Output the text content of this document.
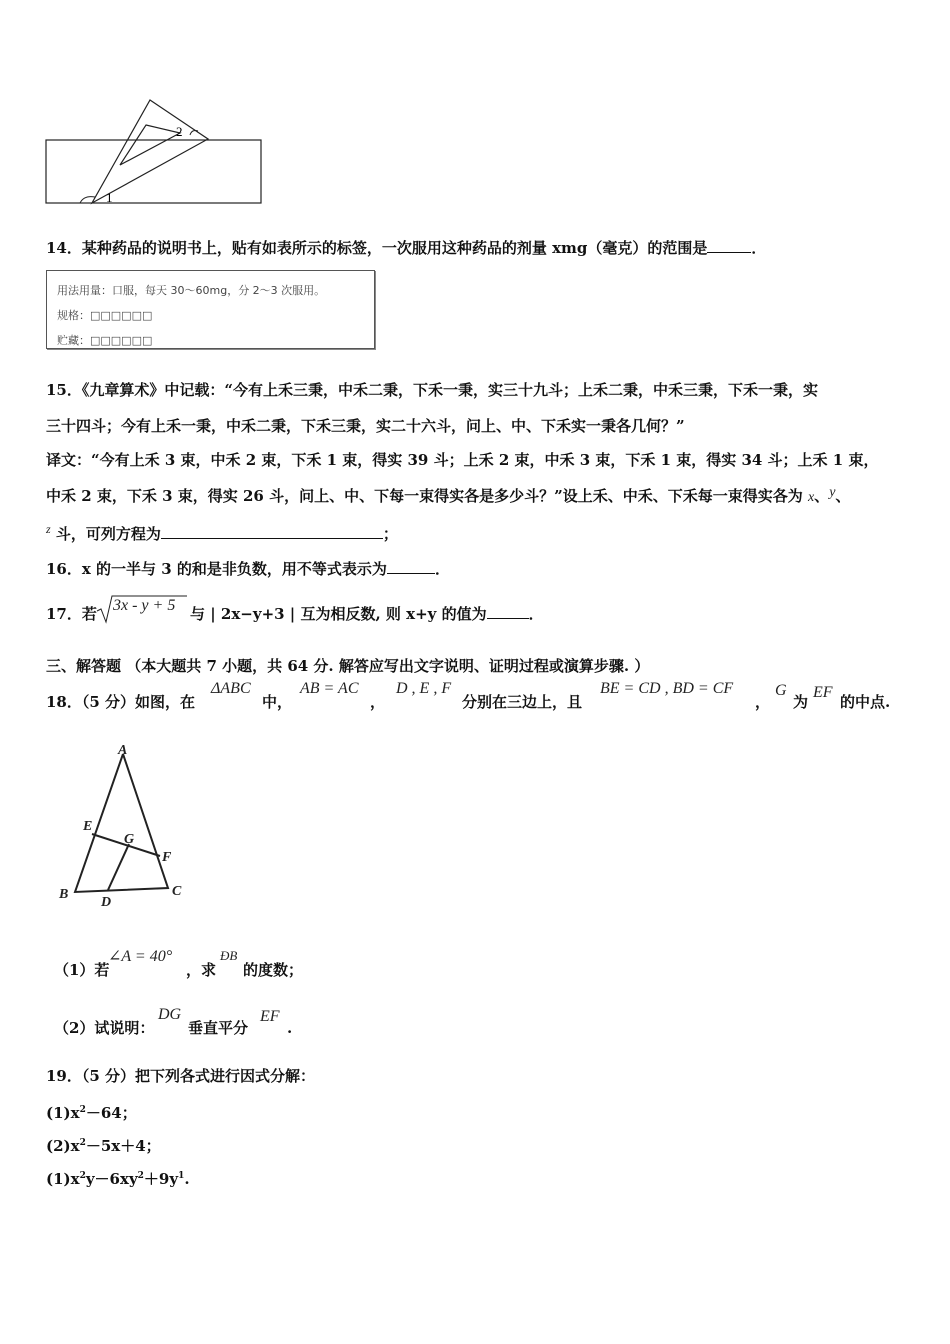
2
1
14．某种药品的说明书上，贴有如表所示的标签，一次服用这种药品的剂量 xmg（毫克）的范围是	．
用法用量：口服，每天 30～60mg，分 2～3 次服用。
规格：□□□□□□
贮藏：□□□□□□
15．《九章算术》中记载：“今有上禾三秉，中禾二秉，下禾一秉，实三十九斗；上禾二秉，中禾三秉，下禾一秉，实
三十四斗；今有上禾一秉，中禾二秉，下禾三秉，实二十六斗，问上、中、下禾实一秉各几何？”
译文：“今有上禾 3 束，中禾 2 束，下禾 1 束，得实 39 斗；上禾 2 束，中禾 3 束，下禾 1 束，得实 34 斗；上禾 1 束，
中禾 2 束，下禾 3 束，得实 26 斗，问上、中、下每一束得实各是多少斗？”设上禾、中禾、下禾每一束得实各为 x、y、
$^z$ 斗，可列方程为	；
16．x 的一半与 3 的和是非负数，用不等式表示为	．
17．若 3x - y + 5 与 | 2x−y+3 | 互为相反数, 则 x+y 的值为	．
三、解答题 （本大题共 7 小题，共 64 分. 解答应写出文字说明、证明过程或演算步骤. ）
18．（5 分）如图，在
ΔABC
中，
AB = AC
，
D , E , F
分别在三边上，且
BE = CD , BD = CF
，
G
为
EF
的中点.
A
E
G
F
B
D
C
（1）若
∠A = 40°
，求
ÐB
的度数；
（2）试说明：
DG
垂直平分
EF
.
19．（5 分）把下列各式进行因式分解：
$(1)x^2-64$；
$(2)x^2-5x+4$；
$(1)x^2y-6xy^2+9y^1$.
